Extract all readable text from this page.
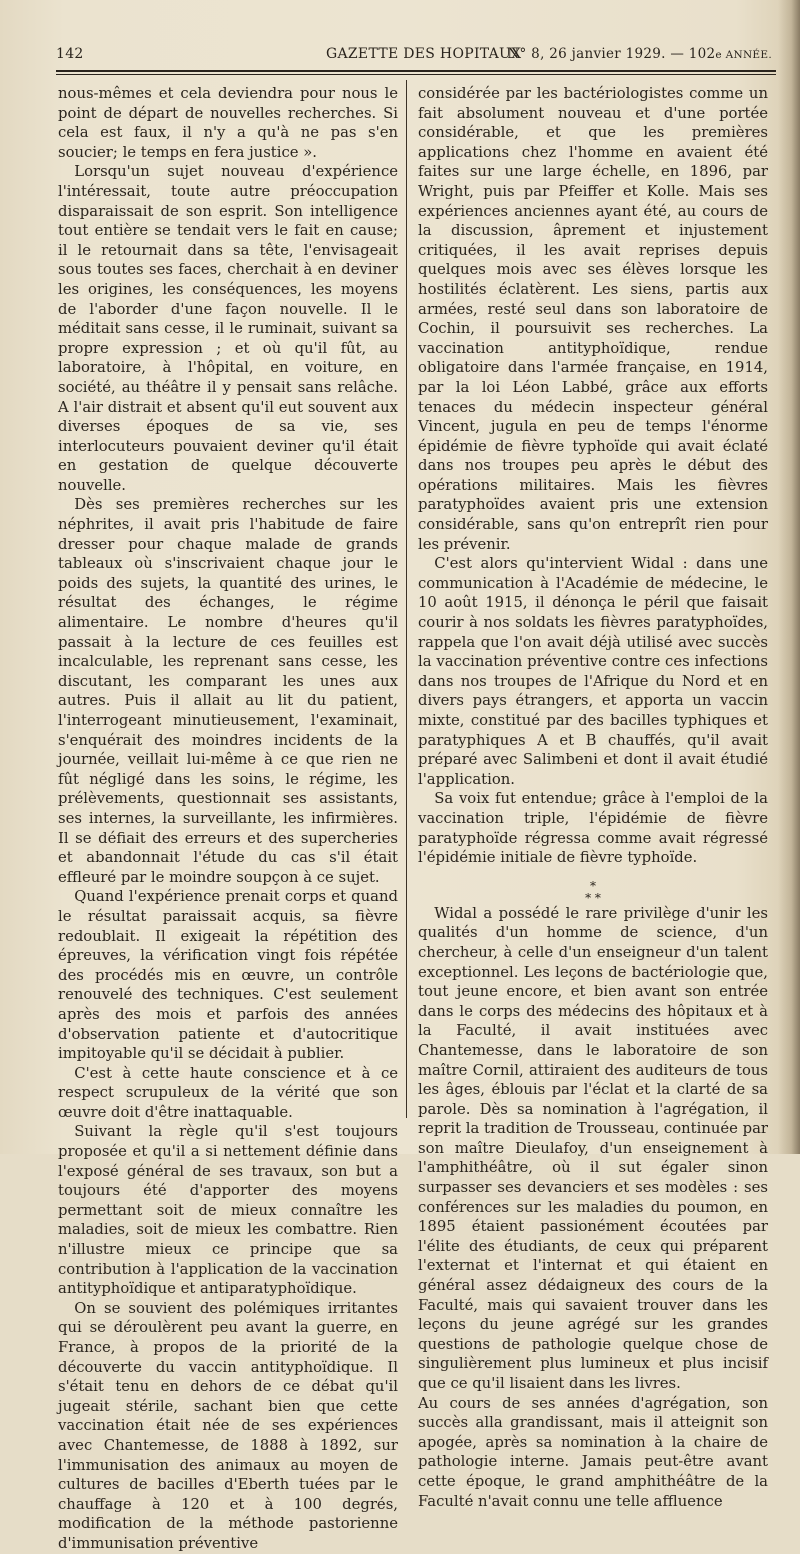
142	GAZETTE DES HOPITAUX
N° 8, 26 janvier 1929. — 102e ANNÉE.

nous-mêmes et cela deviendra pour nous le point de départ de nouvelles recherches. Si cela est faux, il n'y a qu'à ne pas s'en soucier; le temps en fera justice ».

Lorsqu'un sujet nouveau d'expérience l'intéressait, toute autre préoccupation disparaissait de son esprit. Son intelligence tout entière se tendait vers le fait en cause; il le retournait dans sa tête, l'envisageait sous toutes ses faces, cherchait à en deviner les origines, les conséquences, les moyens de l'aborder d'une façon nouvelle. Il le méditait sans cesse, il le ruminait, suivant sa propre expression ; et où qu'il fût, au laboratoire, à l'hôpital, en voiture, en société, au théâtre il y pensait sans relâche. A l'air distrait et absent qu'il eut souvent aux diverses époques de sa vie, ses interlocuteurs pouvaient deviner qu'il était en gestation de quelque découverte nouvelle.

Dès ses premières recherches sur les néphrites, il avait pris l'habitude de faire dresser pour chaque malade de grands tableaux où s'inscrivaient chaque jour le poids des sujets, la quantité des urines, le résultat des échanges, le régime alimentaire. Le nombre d'heures qu'il passait à la lecture de ces feuilles est incalculable, les reprenant sans cesse, les discutant, les comparant les unes aux autres. Puis il allait au lit du patient, l'interrogeant minutieusement, l'examinait, s'enquérait des moindres incidents de la journée, veillait lui-même à ce que rien ne fût négligé dans les soins, le régime, les prélèvements, questionnait ses assistants, ses internes, la surveillante, les infirmières. Il se défiait des erreurs et des supercheries et abandonnait l'étude du cas s'il était effleuré par le moindre soupçon à ce sujet.

Quand l'expérience prenait corps et quand le résultat paraissait acquis, sa fièvre redoublait. Il exigeait la répétition des épreuves, la vérification vingt fois répétée des procédés mis en œuvre, un contrôle renouvelé des techniques. C'est seulement après des mois et parfois des années d'observation patiente et d'autocritique impitoyable qu'il se décidait à publier.

C'est à cette haute conscience et à ce respect scrupuleux de la vérité que son œuvre doit d'être inattaquable.

Suivant la règle qu'il s'est toujours proposée et qu'il a si nettement définie dans l'exposé général de ses travaux, son but a toujours été d'apporter des moyens permettant soit de mieux connaître les maladies, soit de mieux les combattre. Rien n'illustre mieux ce principe que sa contribution à l'application de la vaccination antityphoïdique et antiparatyphoïdique.

On se souvient des polémiques irritantes qui se déroulèrent peu avant la guerre, en France, à propos de la priorité de la découverte du vaccin antityphoïdique. Il s'était tenu en dehors de ce débat qu'il jugeait stérile, sachant bien que cette vaccination était née de ses expériences avec Chantemesse, de 1888 à 1892, sur l'immunisation des animaux au moyen de cultures de bacilles d'Eberth tuées par le chauffage à 120 et à 100 degrés, modification de la méthode pastorienne d'immunisation préventive

considérée par les bactériologistes comme un fait absolument nouveau et d'une portée considérable, et que les premières applications chez l'homme en avaient été faites sur une large échelle, en 1896, par Wright, puis par Pfeiffer et Kolle. Mais ses expériences anciennes ayant été, au cours de la discussion, âprement et injustement critiquées, il les avait reprises depuis quelques mois avec ses élèves lorsque les hostilités éclatèrent. Les siens, partis aux armées, resté seul dans son laboratoire de Cochin, il poursuivit ses recherches. La vaccination antityphoïdique, rendue obligatoire dans l'armée française, en 1914, par la loi Léon Labbé, grâce aux efforts tenaces du médecin inspecteur général Vincent, jugula en peu de temps l'énorme épidémie de fièvre typhoïde qui avait éclaté dans nos troupes peu après le début des opérations militaires. Mais les fièvres paratyphoïdes avaient pris une extension considérable, sans qu'on entreprît rien pour les prévenir.

C'est alors qu'intervient Widal : dans une communication à l'Académie de médecine, le 10 août 1915, il dénonça le péril que faisait courir à nos soldats les fièvres paratyphoïdes, rappela que l'on avait déjà utilisé avec succès la vaccination préventive contre ces infections dans nos troupes de l'Afrique du Nord et en divers pays étrangers, et apporta un vaccin mixte, constitué par des bacilles typhiques et paratyphiques A et B chauffés, qu'il avait préparé avec Salimbeni et dont il avait étudié l'application.

Sa voix fut entendue; grâce à l'emploi de la vaccination triple, l'épidémie de fièvre paratyphoïde régressa comme avait régressé l'épidémie initiale de fièvre typhoïde.

*
* *

Widal a possédé le rare privilège d'unir les qualités d'un homme de science, d'un chercheur, à celle d'un enseigneur d'un talent exceptionnel. Les leçons de bactériologie que, tout jeune encore, et bien avant son entrée dans le corps des médecins des hôpitaux et à la Faculté, il avait instituées avec Chantemesse, dans le laboratoire de son maître Cornil, attiraient des auditeurs de tous les âges, éblouis par l'éclat et la clarté de sa parole. Dès sa nomination à l'agrégation, il reprit la tradition de Trousseau, continuée par son maître Dieulafoy, d'un enseignement à l'amphithéâtre, où il sut égaler sinon surpasser ses devanciers et ses modèles : ses conférences sur les maladies du poumon, en 1895 étaient passionément écoutées par l'élite des étudiants, de ceux qui préparent l'externat et l'internat et qui étaient en général assez dédaigneux des cours de la Faculté, mais qui savaient trouver dans les leçons du jeune agrégé sur les grandes questions de pathologie quelque chose de singulièrement plus lumineux et plus incisif que ce qu'il lisaient dans les livres.

Au cours de ses années d'agrégation, son succès alla grandissant, mais il atteignit son apogée, après sa nomination à la chaire de pathologie interne. Jamais peut-être avant cette époque, le grand amphithéâtre de la Faculté n'avait connu une telle affluence
